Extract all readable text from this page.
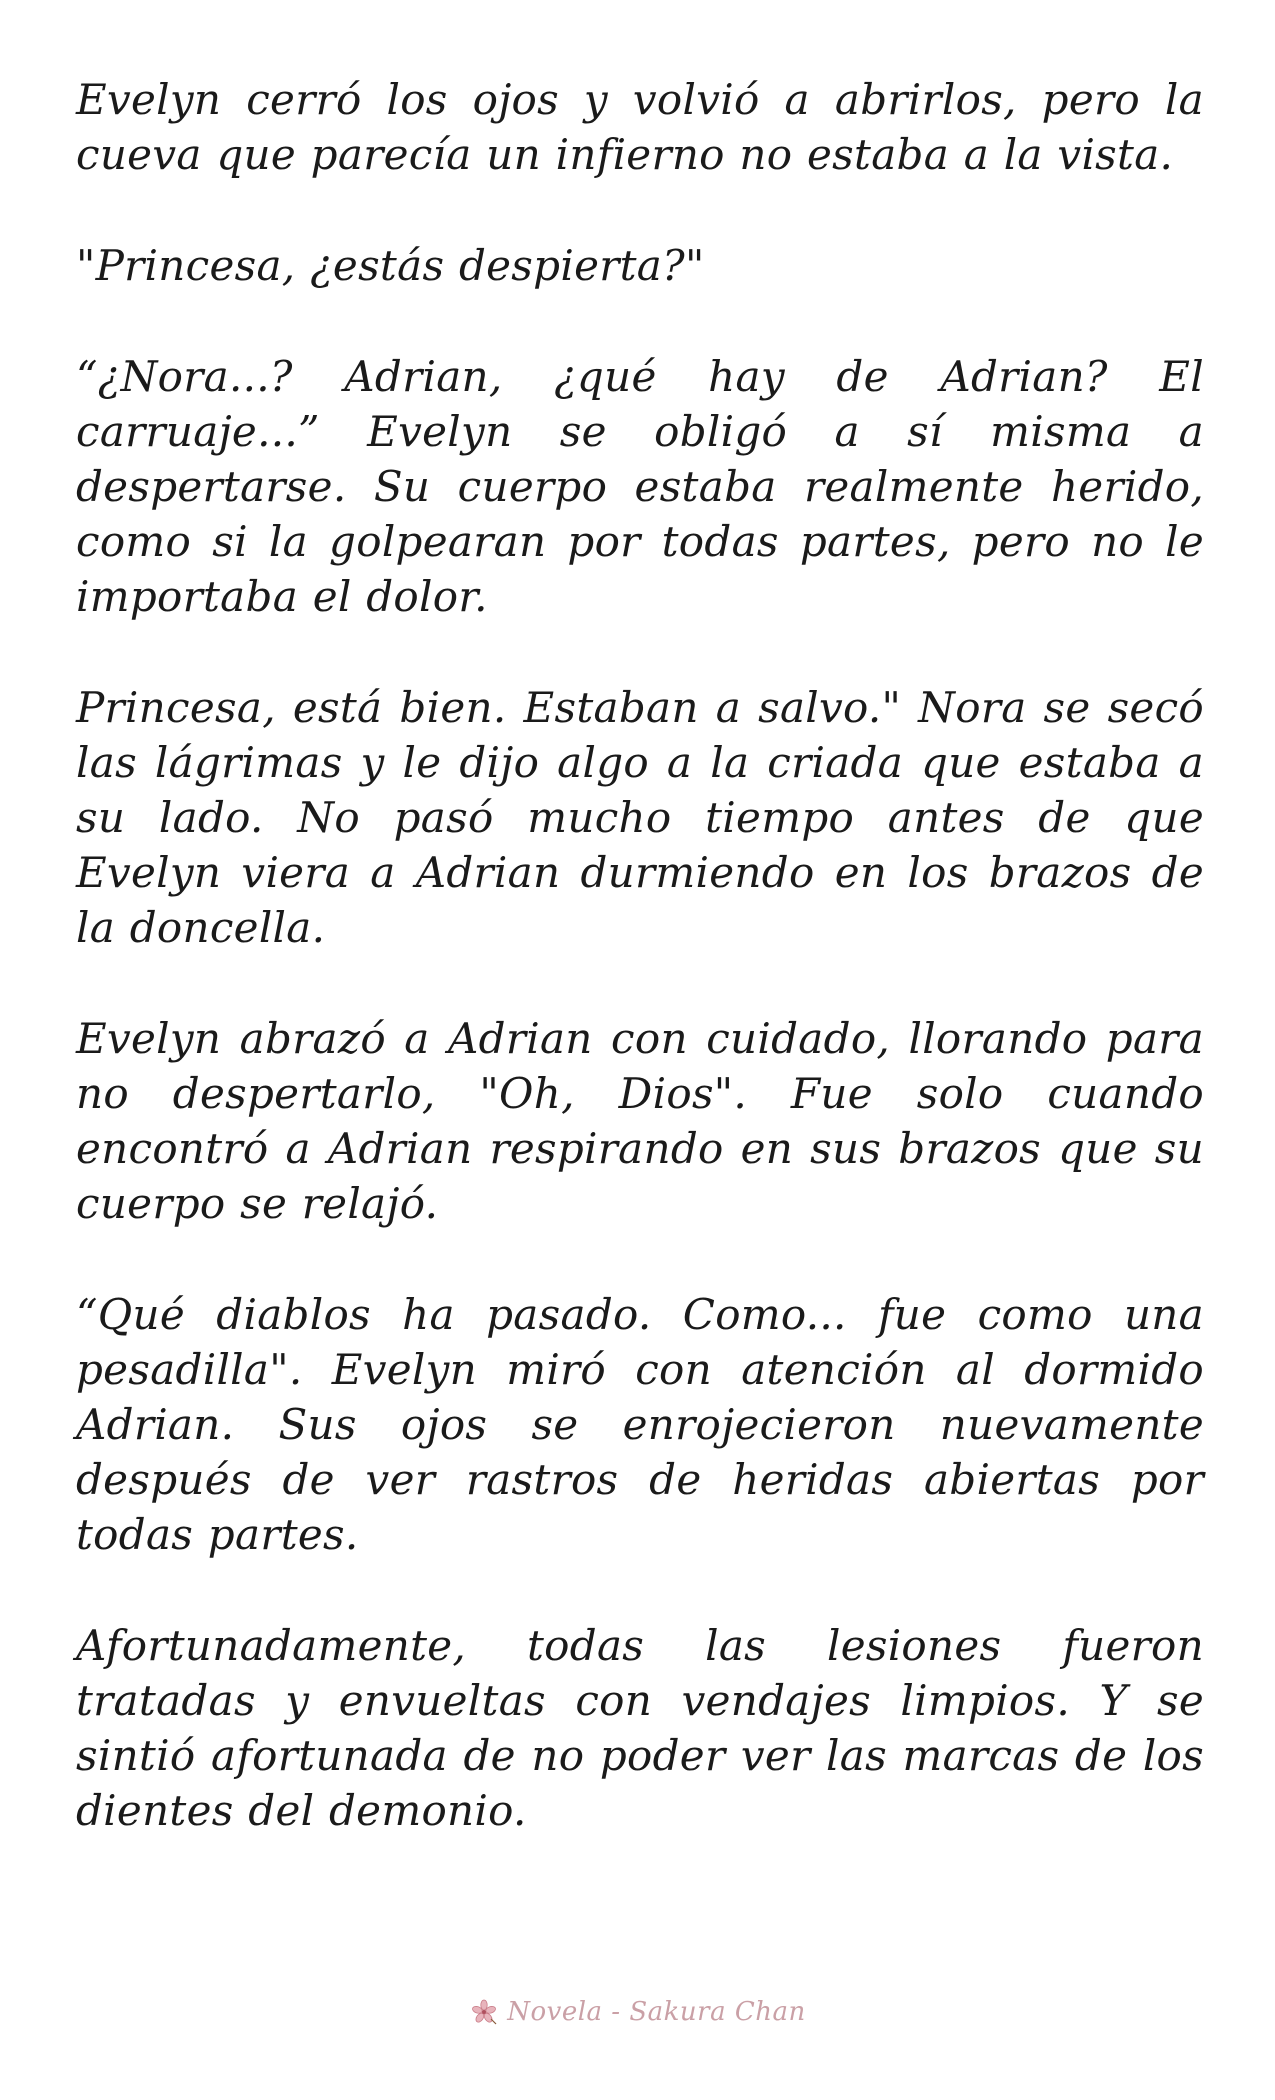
Evelyn cerró los ojos y volvió a abrirlos, pero la cueva que parecía un infierno no estaba a la vista.

"Princesa, ¿estás despierta?"

“¿Nora...? Adrian, ¿qué hay de Adrian? El carruaje...” Evelyn se obligó a sí misma a despertarse. Su cuerpo estaba realmente herido, como si la golpearan por todas partes, pero no le importaba el dolor.

Princesa, está bien. Estaban a salvo." Nora se secó las lágrimas y le dijo algo a la criada que estaba a su lado. No pasó mucho tiempo antes de que Evelyn viera a Adrian durmiendo en los brazos de la doncella.

Evelyn abrazó a Adrian con cuidado, llorando para no despertarlo, "Oh, Dios". Fue solo cuando encontró a Adrian respirando en sus brazos que su cuerpo se relajó.

“Qué diablos ha pasado. Como... fue como una pesadilla". Evelyn miró con atención al dormido Adrian. Sus ojos se enrojecieron nuevamente después de ver rastros de heridas abiertas por todas partes.

Afortunadamente, todas las lesiones fueron tratadas y envueltas con vendajes limpios. Y se sintió afortunada de no poder ver las marcas de los dientes del demonio.

Novela - Sakura Chan
